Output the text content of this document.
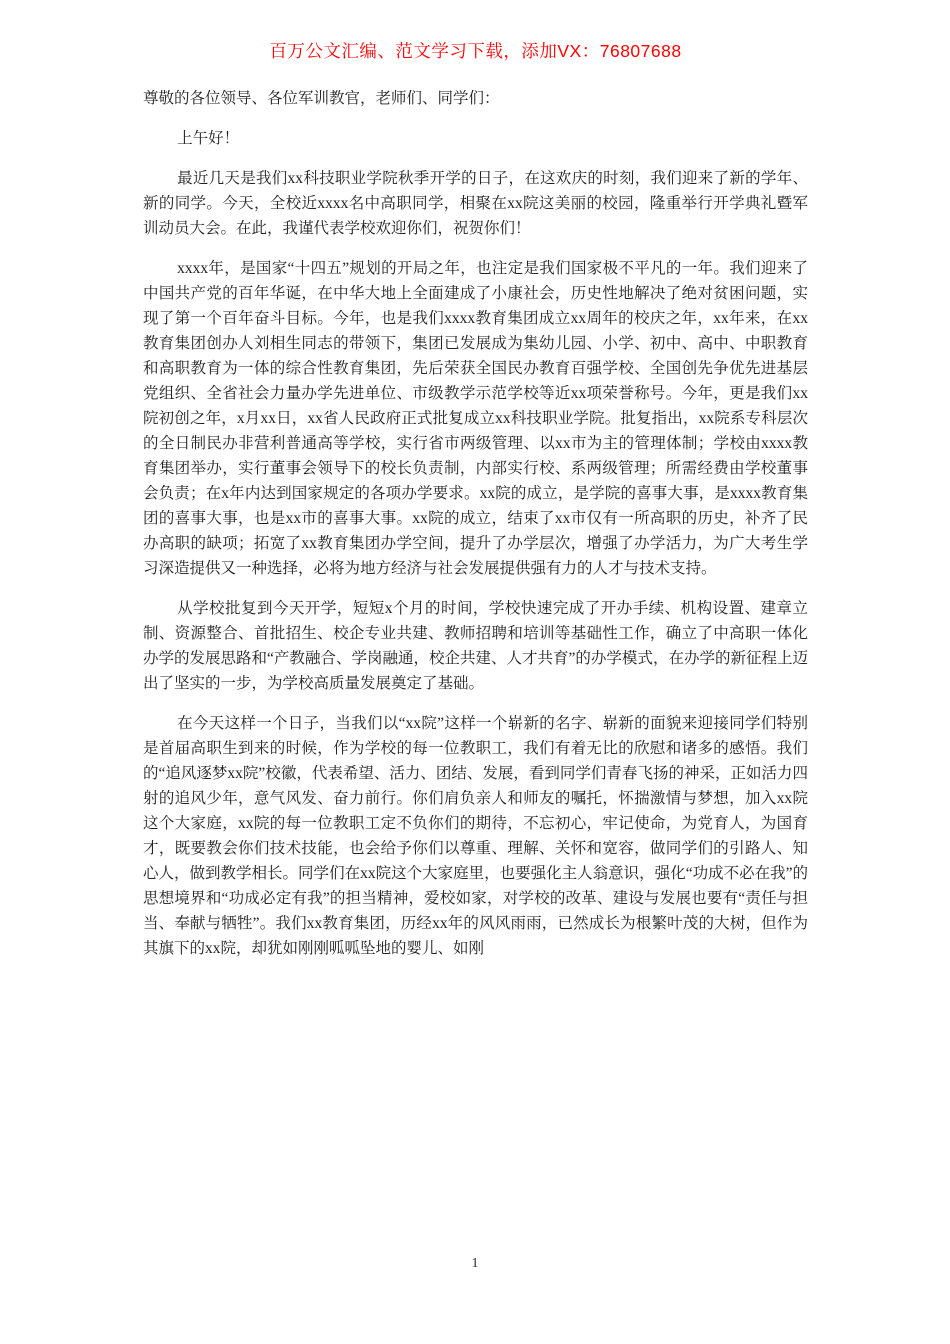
百万公文汇编、范文学习下载，添加VX：76807688

尊敬的各位领导、各位军训教官，老师们、同学们：

上午好！

最近几天是我们xx科技职业学院秋季开学的日子，在这欢庆的时刻，我们迎来了新的学年、新的同学。今天，全校近xxxx名中高职同学，相聚在xx院这美丽的校园，隆重举行开学典礼暨军训动员大会。在此，我谨代表学校欢迎你们，祝贺你们！

xxxx年，是国家“十四五”规划的开局之年，也注定是我们国家极不平凡的一年。我们迎来了中国共产党的百年华诞，在中华大地上全面建成了小康社会，历史性地解决了绝对贫困问题，实现了第一个百年奋斗目标。今年，也是我们xxxx教育集团成立xx周年的校庆之年，xx年来，在xx教育集团创办人刘相生同志的带领下，集团已发展成为集幼儿园、小学、初中、高中、中职教育和高职教育为一体的综合性教育集团，先后荣获全国民办教育百强学校、全国创先争优先进基层党组织、全省社会力量办学先进单位、市级教学示范学校等近xx项荣誉称号。今年，更是我们xx院初创之年，x月xx日，xx省人民政府正式批复成立xx科技职业学院。批复指出，xx院系专科层次的全日制民办非营利普通高等学校，实行省市两级管理、以xx市为主的管理体制；学校由xxxx教育集团举办，实行董事会领导下的校长负责制，内部实行校、系两级管理；所需经费由学校董事会负责；在x年内达到国家规定的各项办学要求。xx院的成立，是学院的喜事大事，是xxxx教育集团的喜事大事，也是xx市的喜事大事。xx院的成立，结束了xx市仅有一所高职的历史，补齐了民办高职的缺项；拓宽了xx教育集团办学空间，提升了办学层次，增强了办学活力，为广大考生学习深造提供又一种选择，必将为地方经济与社会发展提供强有力的人才与技术支持。

从学校批复到今天开学，短短x个月的时间，学校快速完成了开办手续、机构设置、建章立制、资源整合、首批招生、校企专业共建、教师招聘和培训等基础性工作，确立了中高职一体化办学的发展思路和“产教融合、学岗融通，校企共建、人才共育”的办学模式，在办学的新征程上迈出了坚实的一步，为学校高质量发展奠定了基础。

在今天这样一个日子，当我们以“xx院”这样一个崭新的名字、崭新的面貌来迎接同学们特别是首届高职生到来的时候，作为学校的每一位教职工，我们有着无比的欣慰和诸多的感悟。我们的“追风逐梦xx院”校徽，代表希望、活力、团结、发展，看到同学们青春飞扬的神采，正如活力四射的追风少年，意气风发、奋力前行。你们肩负亲人和师友的嘱托，怀揣激情与梦想，加入xx院这个大家庭，xx院的每一位教职工定不负你们的期待，不忘初心，牢记使命，为党育人，为国育才，既要教会你们技术技能，也会给予你们以尊重、理解、关怀和宽容，做同学们的引路人、知心人，做到教学相长。同学们在xx院这个大家庭里，也要强化主人翁意识，强化“功成不必在我”的思想境界和“功成必定有我”的担当精神，爱校如家，对学校的改革、建设与发展也要有“责任与担当、奉献与牺牲”。我们xx教育集团，历经xx年的风风雨雨，已然成长为根繁叶茂的大树，但作为其旗下的xx院，却犹如刚刚呱呱坠地的婴儿、如刚

1
